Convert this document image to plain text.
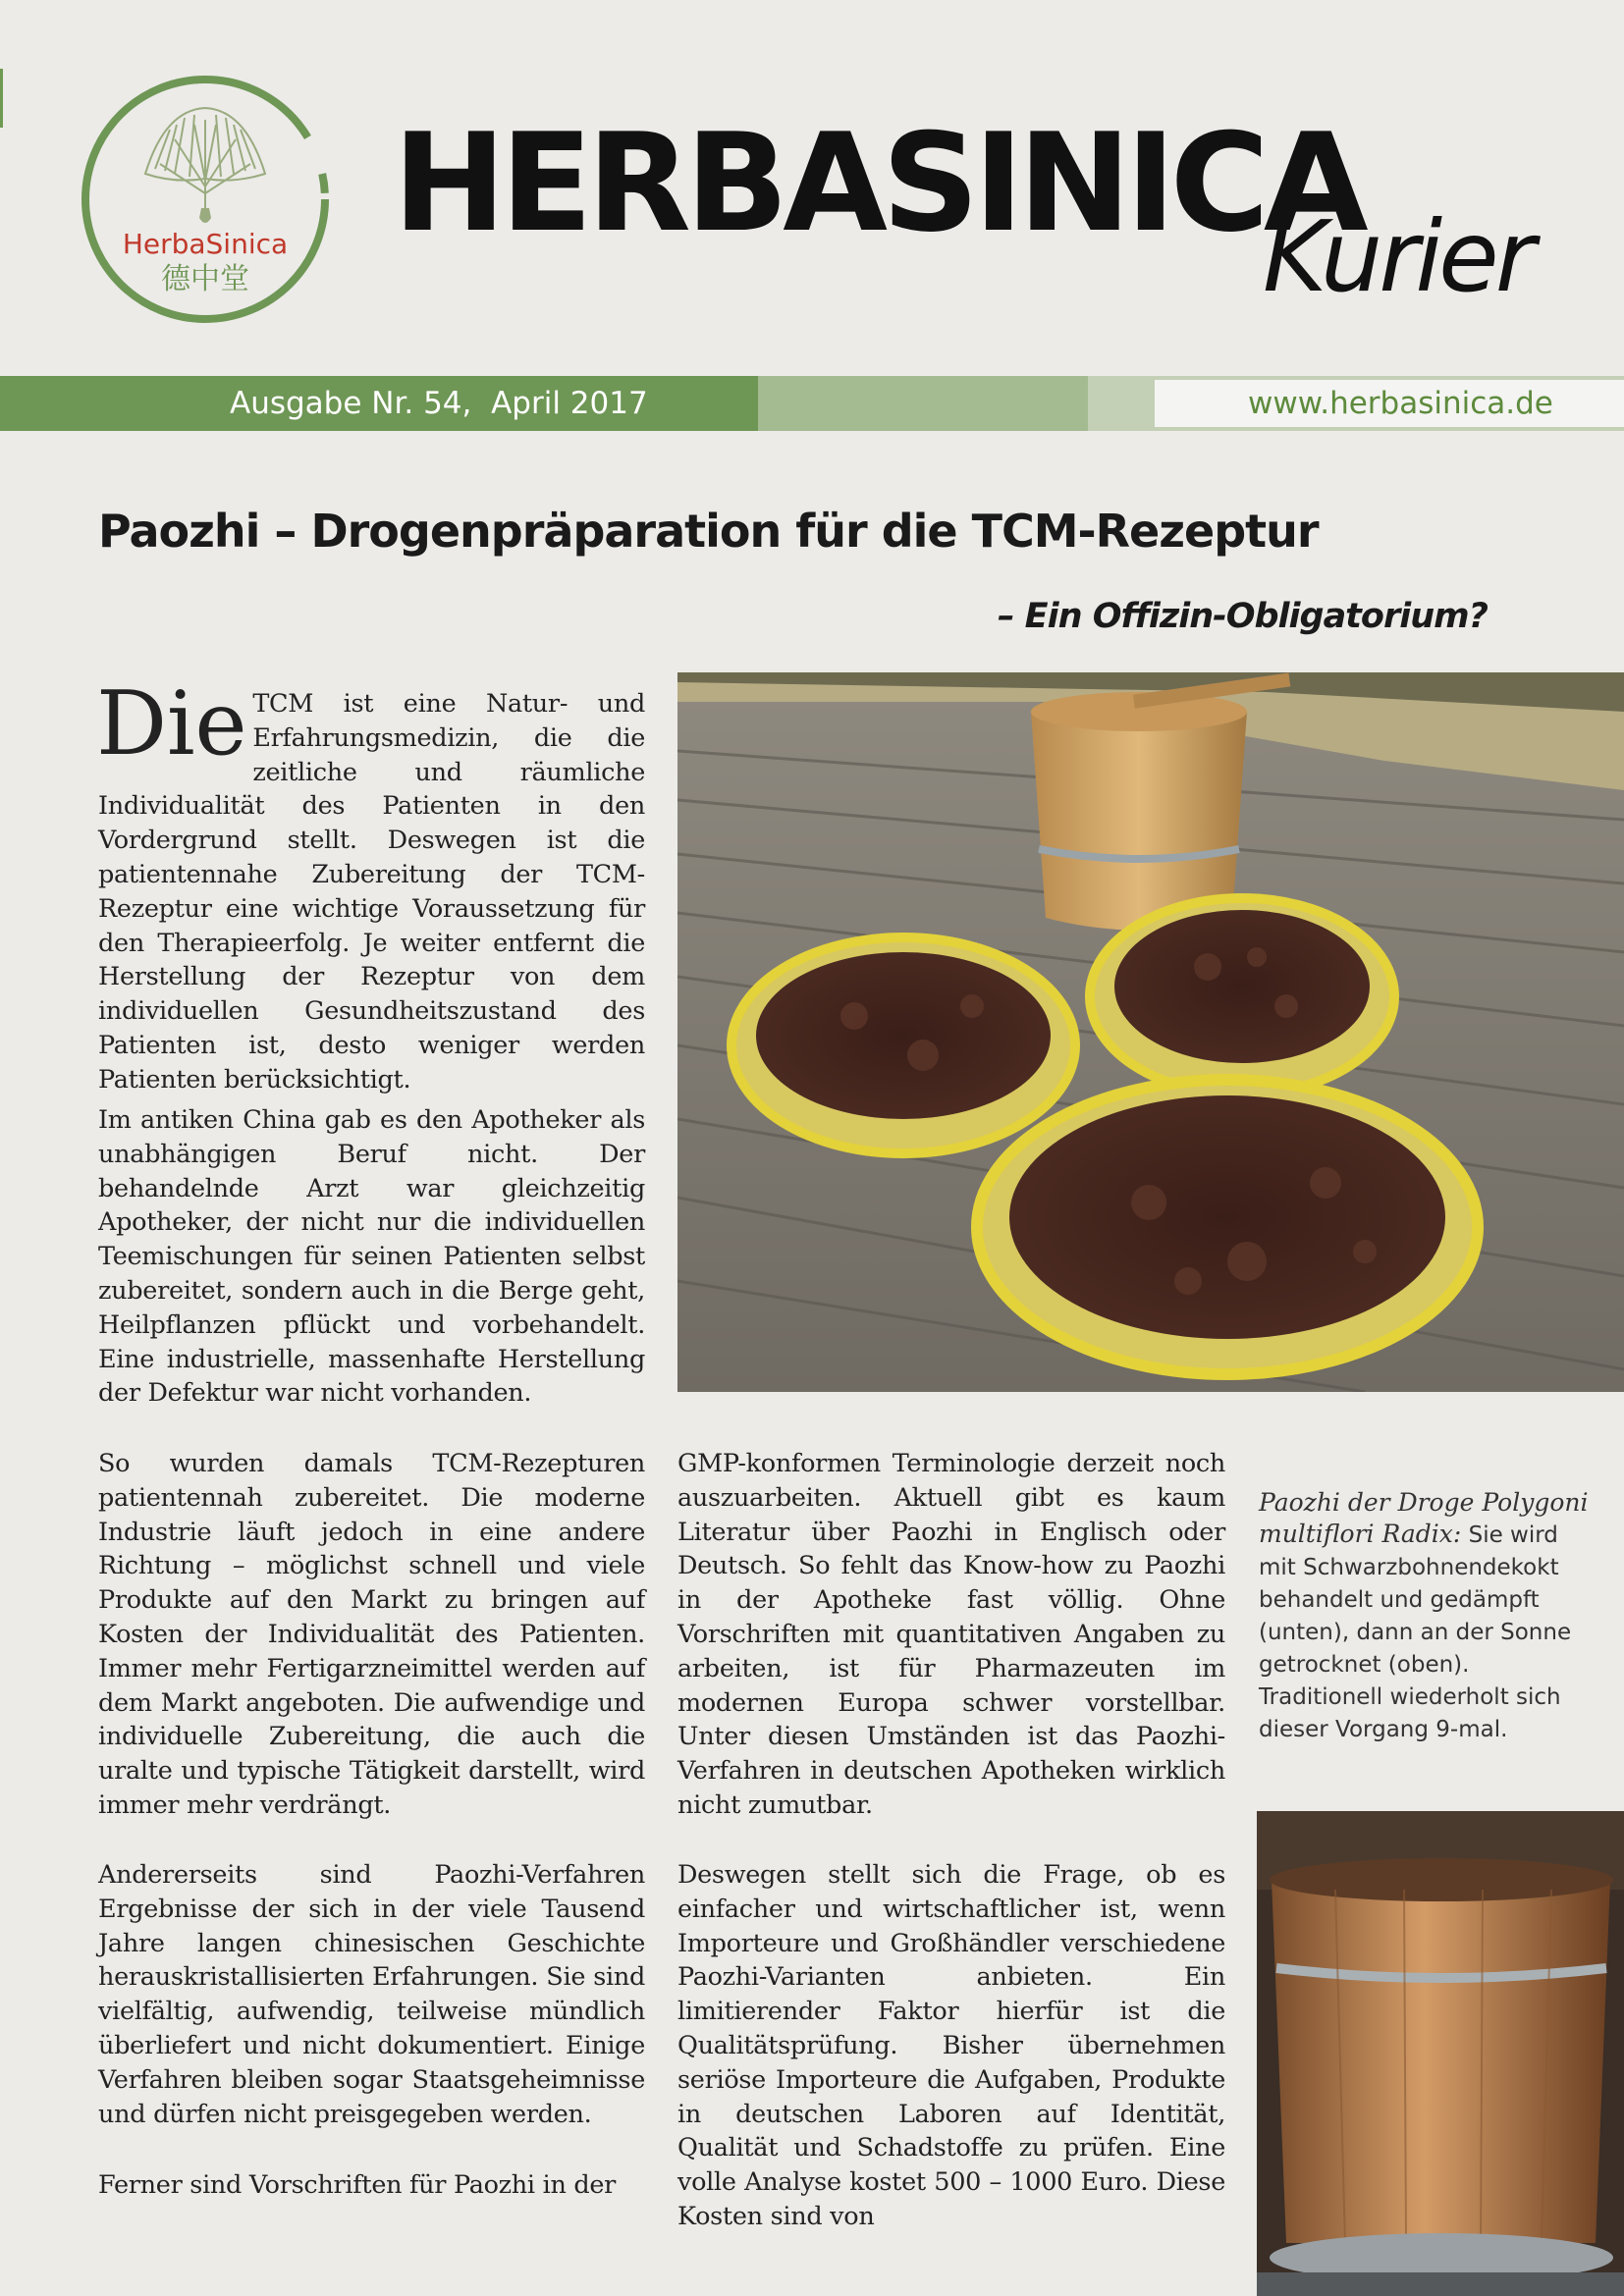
HerbaSinica
德中堂
HERBASINICA
Kurier
Ausgabe Nr. 54,  April 2017	www.herbasinica.de
Paozhi – Drogenpräparation für die TCM-Rezeptur
– Ein Offizin-Obligatorium?

Die TCM ist eine Natur- und Erfahrungsmedizin, die die zeitliche und räumliche Individualität des Patienten in den Vordergrund stellt. Deswegen ist die patientennahe Zubereitung der TCM-Rezeptur eine wichtige Voraussetzung für den Therapieerfolg. Je weiter entfernt die Herstellung der Rezeptur von dem individuellen Gesundheitszustand des Patienten ist, desto weniger werden Patienten berücksichtigt.

Im antiken China gab es den Apotheker als unabhängigen Beruf nicht. Der behandelnde Arzt war gleichzeitig Apotheker, der nicht nur die individuellen Teemischungen für seinen Patienten selbst zubereitet, sondern auch in die Berge geht, Heilpflanzen pflückt und vorbehandelt. Eine industrielle, massenhafte Herstellung der Defektur war nicht vorhanden.

So wurden damals TCM-Rezepturen patientennah zubereitet. Die moderne Industrie läuft jedoch in eine andere Richtung – möglichst schnell und viele Produkte auf den Markt zu bringen auf Kosten der Individualität des Patienten. Immer mehr Fertigarzneimittel werden auf dem Markt angeboten. Die aufwendige und individuelle Zubereitung, die auch die uralte und typische Tätigkeit darstellt, wird immer mehr verdrängt.

Andererseits sind Paozhi-Verfahren Ergebnisse der sich in der viele Tausend Jahre langen chinesischen Geschichte herauskristallisierten Erfahrungen. Sie sind vielfältig, aufwendig, teilweise mündlich überliefert und nicht dokumentiert. Einige Verfahren bleiben sogar Staatsgeheimnisse und dürfen nicht preisgegeben werden.

Ferner sind Vorschriften für Paozhi in der

GMP-konformen Terminologie derzeit noch auszuarbeiten. Aktuell gibt es kaum Literatur über Paozhi in Englisch oder Deutsch. So fehlt das Know-how zu Paozhi in der Apotheke fast völlig. Ohne Vorschriften mit quantitativen Angaben zu arbeiten, ist für Pharmazeuten im modernen Europa schwer vorstellbar. Unter diesen Umständen ist das Paozhi-Verfahren in deutschen Apotheken wirklich nicht zumutbar.

Deswegen stellt sich die Frage, ob es einfacher und wirtschaftlicher ist, wenn Importeure und Großhändler verschiedene Paozhi-Varianten anbieten. Ein limitierender Faktor hierfür ist die Qualitätsprüfung. Bisher übernehmen seriöse Importeure die Aufgaben, Produkte in deutschen Laboren auf Identität, Qualität und Schadstoffe zu prüfen. Eine volle Analyse kostet 500 – 1000 Euro. Diese Kosten sind von

Paozhi der Droge Polygoni multiflori Radix: Sie wird mit Schwarzbohnendekokt behandelt und gedämpft (unten), dann an der Sonne getrocknet (oben). Traditionell wiederholt sich dieser Vorgang 9-mal.
